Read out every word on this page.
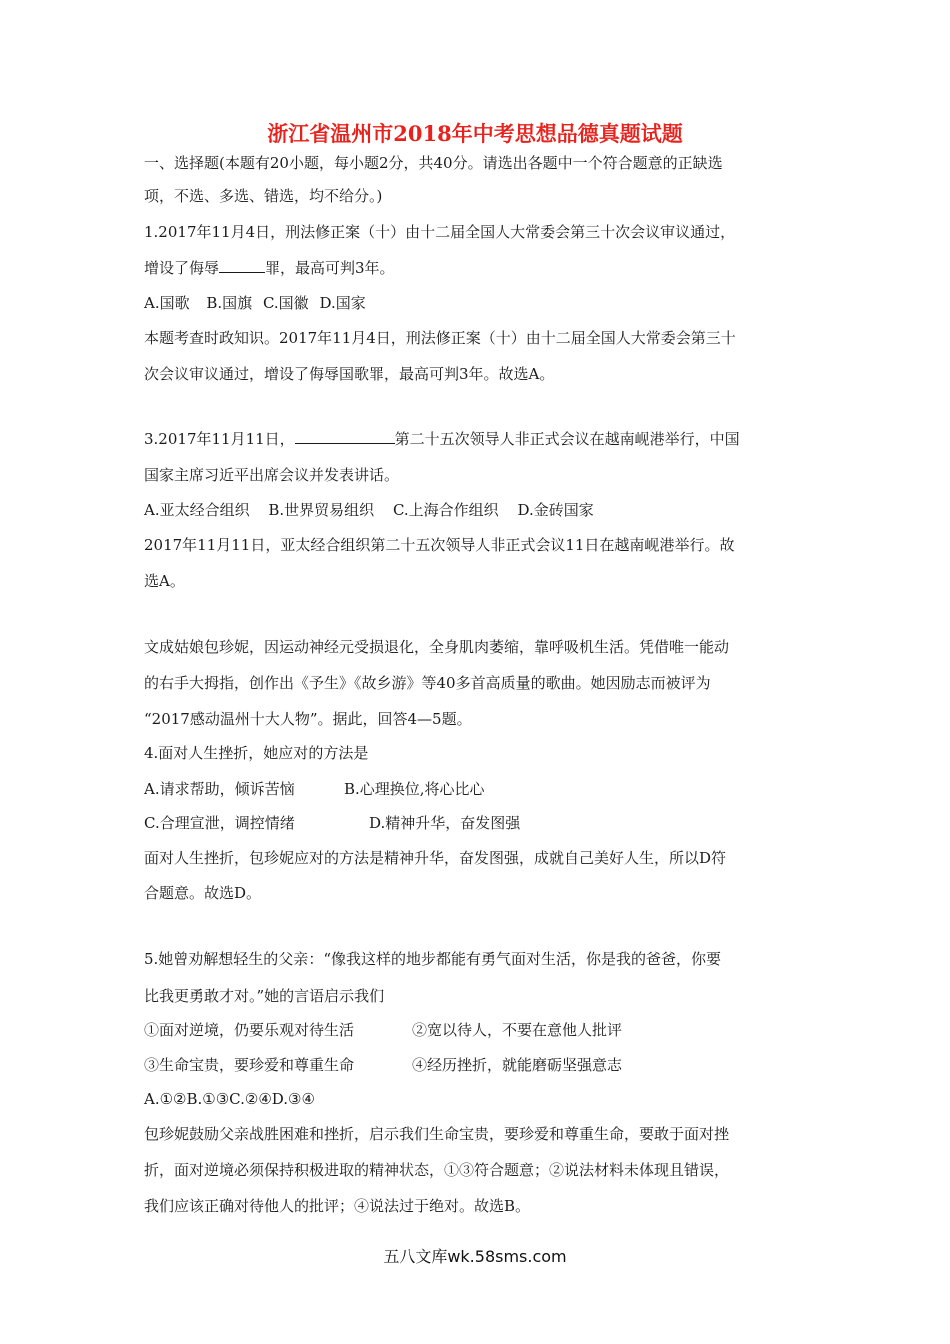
浙江省温州市2018年中考思想品德真题试题
一、选择题(本题有20小题，每小题2分，共40分。请选出各题中一个符合题意的正缺选
项，不选、多选、错选，均不给分。)
1.2017年11月4日，刑法修正案（十）由十二届全国人大常委会第三十次会议审议通过，
增设了侮辱	罪，最高可判3年。
A.国歌 B.国旗 C.国徽 D.国家
本题考查时政知识。2017年11月4日，刑法修正案（十）由十二届全国人大常委会第三十
次会议审议通过，增设了侮辱国歌罪，最高可判3年。故选A。
3.2017年11月11日，	第二十五次领导人非正式会议在越南岘港举行，中国
国家主席习近平出席会议并发表讲话。
A.亚太经合组织 B.世界贸易组织 C.上海合作组织 D.金砖国家
2017年11月11日，亚太经合组织第二十五次领导人非正式会议11日在越南岘港举行。故
选A。
文成姑娘包珍妮，因运动神经元受损退化，全身肌肉萎缩，靠呼吸机生活。凭借唯一能动
的右手大拇指，创作出《予生》《故乡游》等40多首高质量的歌曲。她因励志而被评为
“2017感动温州十大人物”。据此，回答4—5题。
4.面对人生挫折，她应对的方法是
A.请求帮助，倾诉苦恼	B.心理换位,将心比心
C.合理宣泄，调控情绪	D.精神升华，奋发图强
面对人生挫折，包珍妮应对的方法是精神升华，奋发图强，成就自己美好人生，所以D符
合题意。故选D。
5.她曾劝解想轻生的父亲：“像我这样的地步都能有勇气面对生活，你是我的爸爸，你要
比我更勇敢才对。”她的言语启示我们
①面对逆境，仍要乐观对待生活	②宽以待人，不要在意他人批评
③生命宝贵，要珍爱和尊重生命	④经历挫折，就能磨砺坚强意志
A.①②B.①③C.②④D.③④
包珍妮鼓励父亲战胜困难和挫折，启示我们生命宝贵，要珍爱和尊重生命，要敢于面对挫
折，面对逆境必须保持积极进取的精神状态，①③符合题意；②说法材料未体现且错误，
我们应该正确对待他人的批评；④说法过于绝对。故选B。
五八文库wk.58sms.com
